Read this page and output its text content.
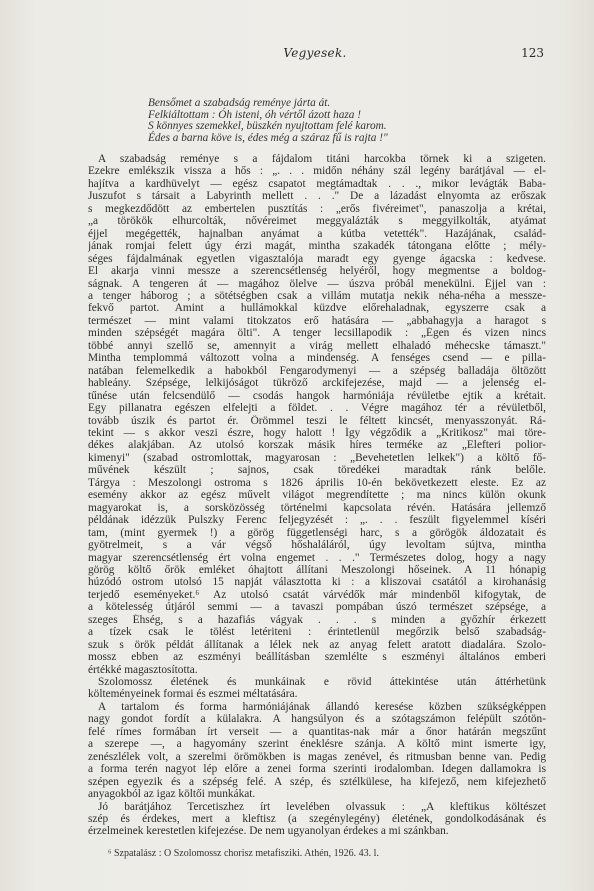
Vegyesek.	123
Bensőmet a szabadság reménye járta át.
Felkiáltottam : Óh isteni, óh vértől ázott haza !
S könnyes szemekkel, büszkén nyujtottam felé karom.
Édes a barna köve is, édes még a száraz fű is rajta !"
A szabadság reménye s a fájdalom titáni harcokba törnek ki a szigeten.
Ezekre emlékszik vissza a hős : „. . . midőn néhány szál legény barátjával — el-
hajítva a kardhüvelyt — egész csapatot megtámadtak . . ., mikor levágták Baba-
Juszufot s társait a Labyrinth mellett . . ." De a lázadást elnyomta az erőszak
s megkezdődött az embertelen pusztítás : „erős fivéreimet", panaszolja a krétai,
„a törökök elhurcolták, nővéreimet meggyalázták s meggyilkolták, atyámat
éjjel megégették, hajnalban anyámat a kútba vetették". Hazájának, család-
jának romjai felett úgy érzi magát, mintha szakadék tátongana előtte ; mély-
séges fájdalmának egyetlen vigasztalója maradt egy gyenge ágacska : kedvese.
El akarja vinni messze a szerencsétlenség helyéről, hogy megmentse a boldog-
ságnak. A tengeren át — magához ölelve — úszva próbál menekülni. Éjjel van :
a tenger háborog ; a sötétségben csak a villám mutatja nekik néha-néha a messze-
fekvő partot. Amint a hullámokkal küzdve előrehaladnak, egyszerre csak a
természet — mint valami titokzatos erő hatására — „abbahagyja a haragot s
minden szépségét magára ölti". A tenger lecsillapodik : „Égen és vizen nincs
többé annyi szellő se, amennyit a virág mellett elhaladó méhecske támaszt."
Mintha templommá változott volna a mindenség. A fenséges csend — e pilla-
natában felemelkedik a habokból Fengarodymenyi — a szépség balladája öltözött
hableány. Szépsége, lelkijóságot tükröző arckifejezése, majd — a jelenség el-
tűnése után felcsendülő — csodás hangok harmóniája révületbe ejtik a krétait.
Egy pillanatra egészen elfelejti a földet. . . Végre magához tér a révületből,
tovább úszik és partot ér. Örömmel teszi le féltett kincsét, menyasszonyát. Rá-
tekint — s akkor veszi észre, hogy halott ! Így végződik a „Kritikosz" mai töre-
dékes alakjában. Az utolsó korszak másik híres terméke az „Elefteri polior-
kimenyi" (szabad ostromlottak, magyarosan : „Bevehetetlen lelkek") a költő fő-
művének készült ; sajnos, csak töredékei maradtak ránk belőle.
Tárgya : Meszolongi ostroma s 1826 április 10-én bekövetkezett eleste. Ez az
esemény akkor az egész művelt világot megrendítette ; ma nincs külön okunk
magyarokat is, a sorsközösség történelmi kapcsolata révén. Hatására jellemző
példának idézzük Pulszky Ferenc feljegyzését : „. . . feszült figyelemmel kíséri
tam, (mint gyermek !) a görög függetlenségi harc, s a görögök áldozatait és
gyötrelmeit, s a vár végső hőshaláláról, úgy levoltam sújtva, mintha
magyar szerencsétlenség ért volna engemet . . ." Természetes dolog, hogy a nagy
görög költő őrök emléket óhajtott állítani Meszolongi hőseinek. A 11 hónapig
húzódó ostrom utolsó 15 napját választotta ki : a kliszovai csatától a kirohanásig
terjedő eseményeket.⁶ Az utolsó csatát várvédők már mindenből kifogytak, de
a kötelesség útjáról semmi — a tavaszi pompában úszó természet szépsége, a
szeges Éhség, s a hazafiás vágyak . . . s minden a győzhír érkezett
a tízek csak le tölést letériteni : érintetlenül megőrzik belső szabadság-
szuk s örök példát állítanak a lélek nek az anyag felett aratott diadalára. Szolo-
mossz ebben az eszményi beállításban szemlélte s eszményi általános emberi
értékké magasztosította.
Szolomossz életének és munkáinak e rövid áttekintése után áttérhetünk
költeményeinek formai és eszmei méltatására.
A tartalom és forma harmóniájának állandó keresése közben szükségképpen
nagy gondot fordít a külalakra. A hangsúlyon és a szótagszámon felépült szótön-
felé rímes formában írt verseit — a quantitas-nak már a őnor határán megszűnt
a szerepe —, a hagyomány szerint éneklésre szánja. A költő mint ismerte igy,
zenészlélek volt, a szerelmi örömökben is magas zenével, és ritmusban benne van. Pedig
a forma terén nagyot lép előre a zenei forma szerinti irodalomban. Idegen dallamokra is
szépen egyezik és a szépség felé. A szép, és sztélkülese, ha kifejező, nem kifejezhető
anyagokból az igaz költői munkákat.
Jó barátjához Tercetiszhez írt levelében olvassuk : „A kleftikus költészet
szép és érdekes, mert a kleftisz (a szegénylegény) életének, gondolkodásának és
érzelmeinek kerestetlen kifejezése. De nem ugyanolyan érdekes a mi szánkban.
⁶ Szpatalász : O Szolomossz chorisz metafisziki. Athén, 1926. 43. l.
